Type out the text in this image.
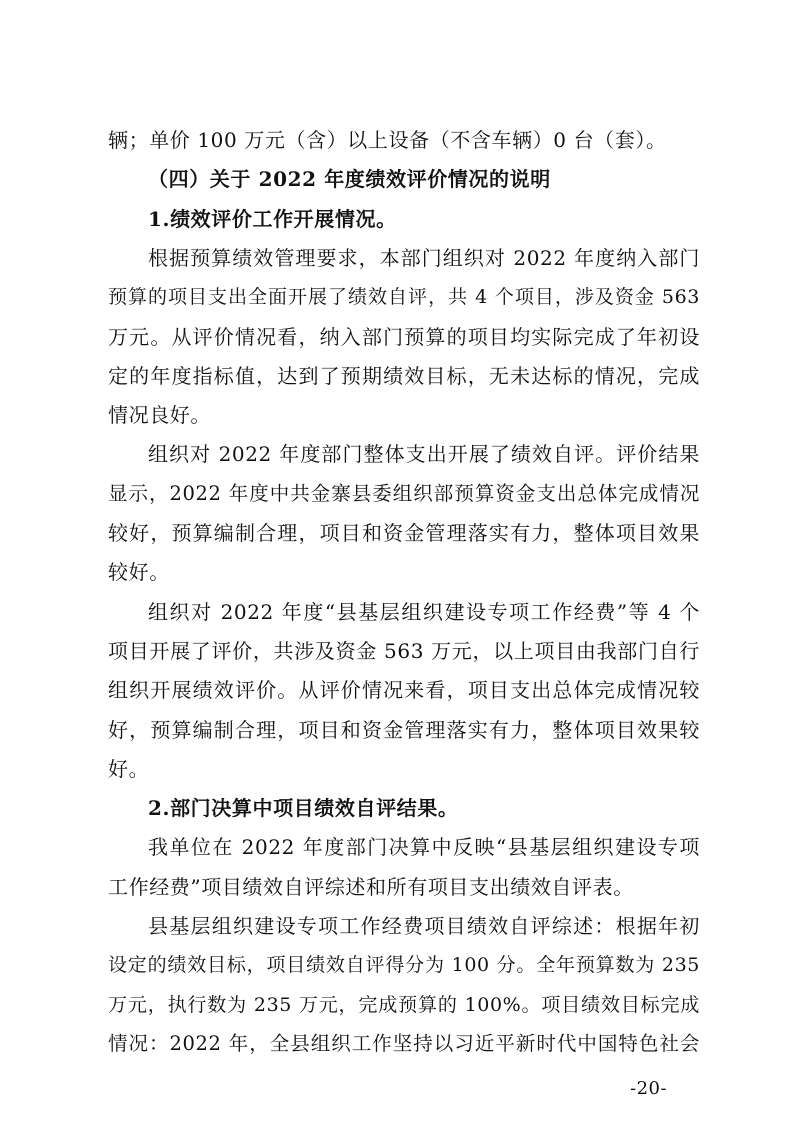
辆；单价 100 万元（含）以上设备（不含车辆）0 台（套）。
（四）关于 2022 年度绩效评价情况的说明
1.绩效评价工作开展情况。
根据预算绩效管理要求，本部门组织对 2022 年度纳入部门
预算的项目支出全面开展了绩效自评，共 4 个项目，涉及资金 563
万元。从评价情况看，纳入部门预算的项目均实际完成了年初设
定的年度指标值，达到了预期绩效目标，无未达标的情况，完成
情况良好。
组织对 2022 年度部门整体支出开展了绩效自评。评价结果
显示，2022 年度中共金寨县委组织部预算资金支出总体完成情况
较好，预算编制合理，项目和资金管理落实有力，整体项目效果
较好。
组织对 2022 年度“县基层组织建设专项工作经费”等 4 个
项目开展了评价，共涉及资金 563 万元，以上项目由我部门自行
组织开展绩效评价。从评价情况来看，项目支出总体完成情况较
好，预算编制合理，项目和资金管理落实有力，整体项目效果较
好。
2.部门决算中项目绩效自评结果。
我单位在 2022 年度部门决算中反映“县基层组织建设专项
工作经费”项目绩效自评综述和所有项目支出绩效自评表。
县基层组织建设专项工作经费项目绩效自评综述：根据年初
设定的绩效目标，项目绩效自评得分为 100 分。全年预算数为 235
万元，执行数为 235 万元，完成预算的 100%。项目绩效目标完成
情况：2022 年，全县组织工作坚持以习近平新时代中国特色社会
-20-
